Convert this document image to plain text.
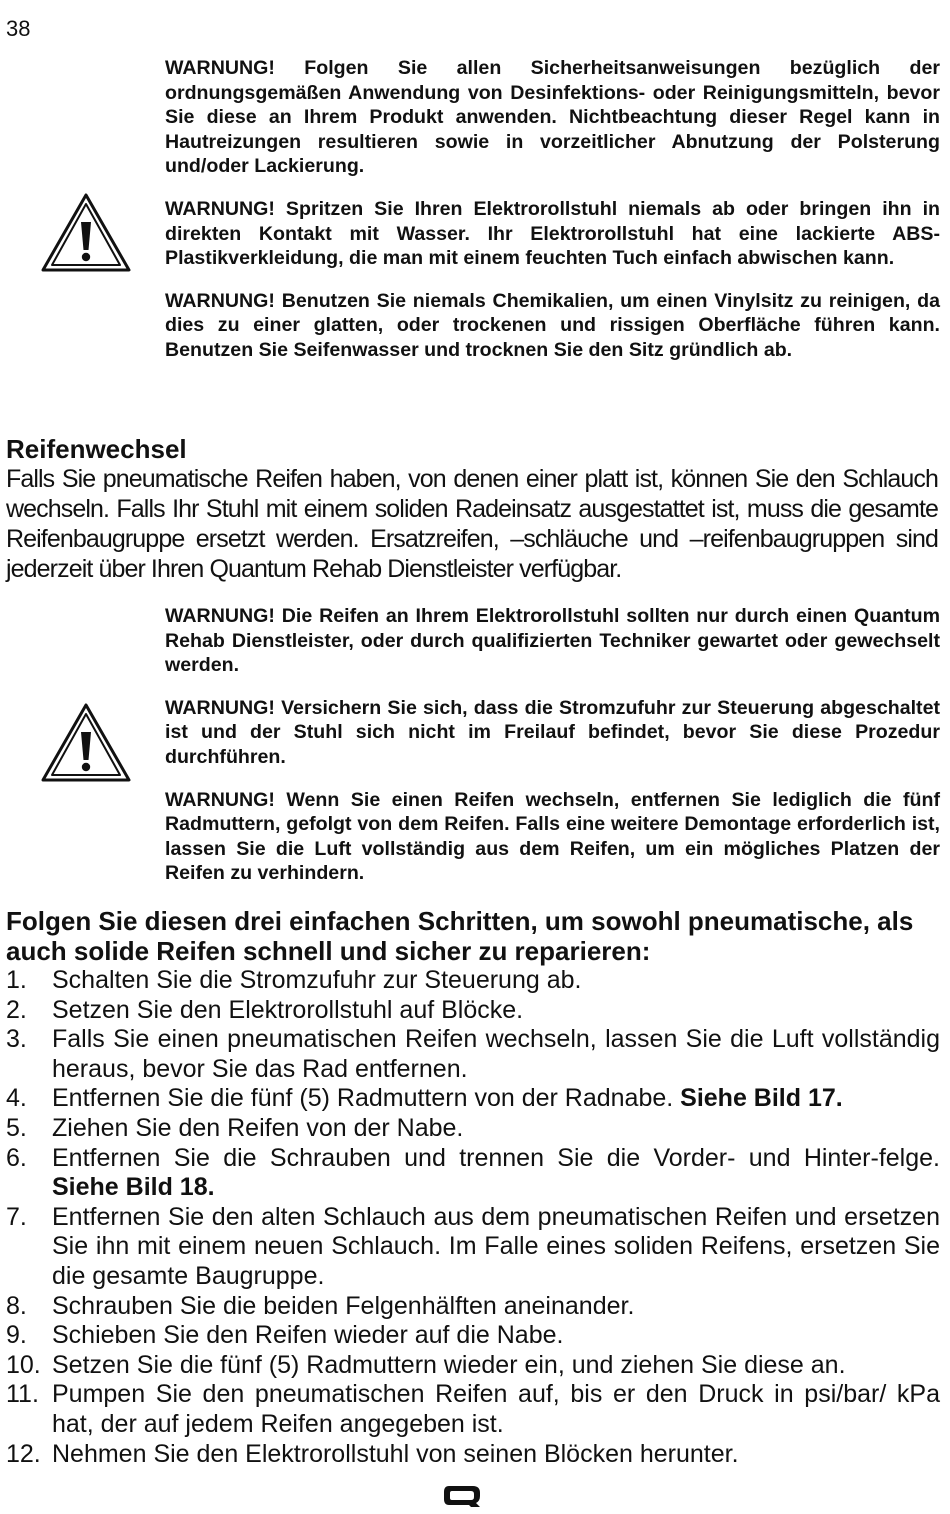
38

WARNUNG! Folgen Sie allen Sicherheitsanweisungen bezüglich der ordnungsgemäßen Anwendung von Desinfektions- oder Reinigungsmitteln, bevor Sie diese an Ihrem Produkt anwenden. Nichtbeachtung dieser Regel kann in Hautreizungen resultieren sowie in vorzeitlicher Abnutzung der Polsterung und/oder Lackierung.

WARNUNG! Spritzen Sie Ihren Elektrorollstuhl niemals ab oder bringen ihn in direkten Kontakt mit Wasser. Ihr Elektrorollstuhl hat eine lackierte ABS-Plastikverkleidung, die man mit einem feuchten Tuch einfach abwischen kann.

WARNUNG! Benutzen Sie niemals Chemikalien, um einen Vinylsitz zu reinigen, da dies zu einer glatten, oder trockenen und rissigen Oberfläche führen kann. Benutzen Sie Seifenwasser und trocknen Sie den Sitz gründlich ab.

Reifenwechsel

Falls Sie pneumatische Reifen haben, von denen einer platt ist, können Sie den Schlauch wechseln. Falls Ihr Stuhl mit einem soliden Radeinsatz ausgestattet ist, muss die gesamte Reifenbaugruppe ersetzt werden. Ersatzreifen, –schläuche und –reifenbaugruppen sind jederzeit über Ihren Quantum Rehab Dienstleister verfügbar.

WARNUNG! Die Reifen an Ihrem Elektrorollstuhl sollten nur durch einen Quantum Rehab Dienstleister, oder durch qualifizierten Techniker gewartet oder gewechselt werden.

WARNUNG! Versichern Sie sich, dass die Stromzufuhr zur Steuerung abgeschaltet ist und der Stuhl sich nicht im Freilauf befindet, bevor Sie diese Prozedur durchführen.

WARNUNG! Wenn Sie einen Reifen wechseln, entfernen Sie lediglich die fünf Radmuttern, gefolgt von dem Reifen. Falls eine weitere Demontage erforderlich ist, lassen Sie die Luft vollständig aus dem Reifen, um ein mögliches Platzen der Reifen zu verhindern.

Folgen Sie diesen drei einfachen Schritten, um sowohl pneumatische, als auch solide Reifen schnell und sicher zu reparieren:
1. Schalten Sie die Stromzufuhr zur Steuerung ab.
2. Setzen Sie den Elektrorollstuhl auf Blöcke.
3. Falls Sie einen pneumatischen Reifen wechseln, lassen Sie die Luft vollständig heraus, bevor Sie das Rad entfernen.
4. Entfernen Sie die fünf (5) Radmuttern von der Radnabe. Siehe Bild 17.
5. Ziehen Sie den Reifen von der Nabe.
6. Entfernen Sie die Schrauben und trennen Sie die Vorder- und Hinter-felge. Siehe Bild 18.
7. Entfernen Sie den alten Schlauch aus dem pneumatischen Reifen und ersetzen Sie ihn mit einem neuen Schlauch. Im Falle eines soliden Reifens, ersetzen Sie die gesamte Baugruppe.
8. Schrauben Sie die beiden Felgenhälften aneinander.
9. Schieben Sie den Reifen wieder auf die Nabe.
10. Setzen Sie die fünf (5) Radmuttern wieder ein, und ziehen Sie diese an.
11. Pumpen Sie den pneumatischen Reifen auf, bis er den Druck in psi/bar/ kPa hat, der auf jedem Reifen angegeben ist.
12. Nehmen Sie den Elektrorollstuhl von seinen Blöcken herunter.
